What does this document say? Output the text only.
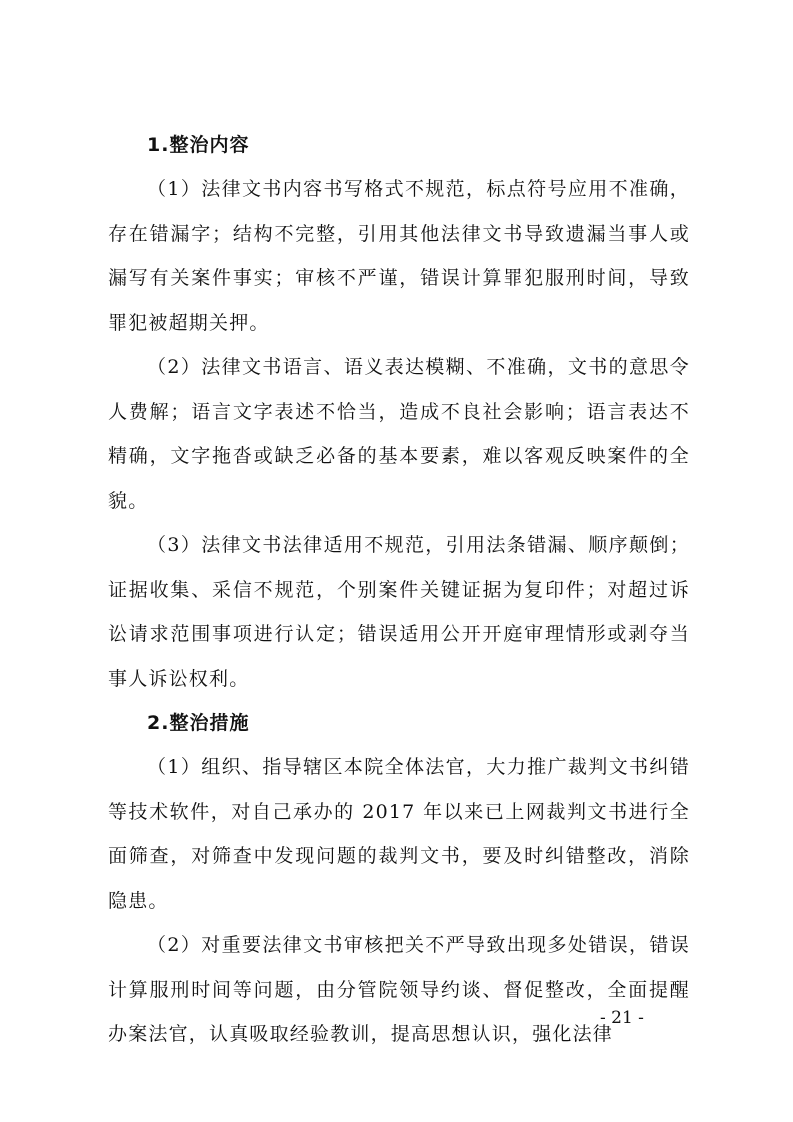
1.整治内容

（1）法律文书内容书写格式不规范，标点符号应用不准确，存在错漏字；结构不完整，引用其他法律文书导致遗漏当事人或漏写有关案件事实；审核不严谨，错误计算罪犯服刑时间，导致罪犯被超期关押。

（2）法律文书语言、语义表达模糊、不准确，文书的意思令人费解；语言文字表述不恰当，造成不良社会影响；语言表达不精确，文字拖沓或缺乏必备的基本要素，难以客观反映案件的全貌。

（3）法律文书法律适用不规范，引用法条错漏、顺序颠倒；证据收集、采信不规范，个别案件关键证据为复印件；对超过诉讼请求范围事项进行认定；错误适用公开开庭审理情形或剥夺当事人诉讼权利。

2.整治措施

（1）组织、指导辖区本院全体法官，大力推广裁判文书纠错等技术软件，对自己承办的 2017 年以来已上网裁判文书进行全面筛查，对筛查中发现问题的裁判文书，要及时纠错整改，消除隐患。

（2）对重要法律文书审核把关不严导致出现多处错误，错误计算服刑时间等问题，由分管院领导约谈、督促整改，全面提醒办案法官，认真吸取经验教训，提高思想认识，强化法律

- 21 -
